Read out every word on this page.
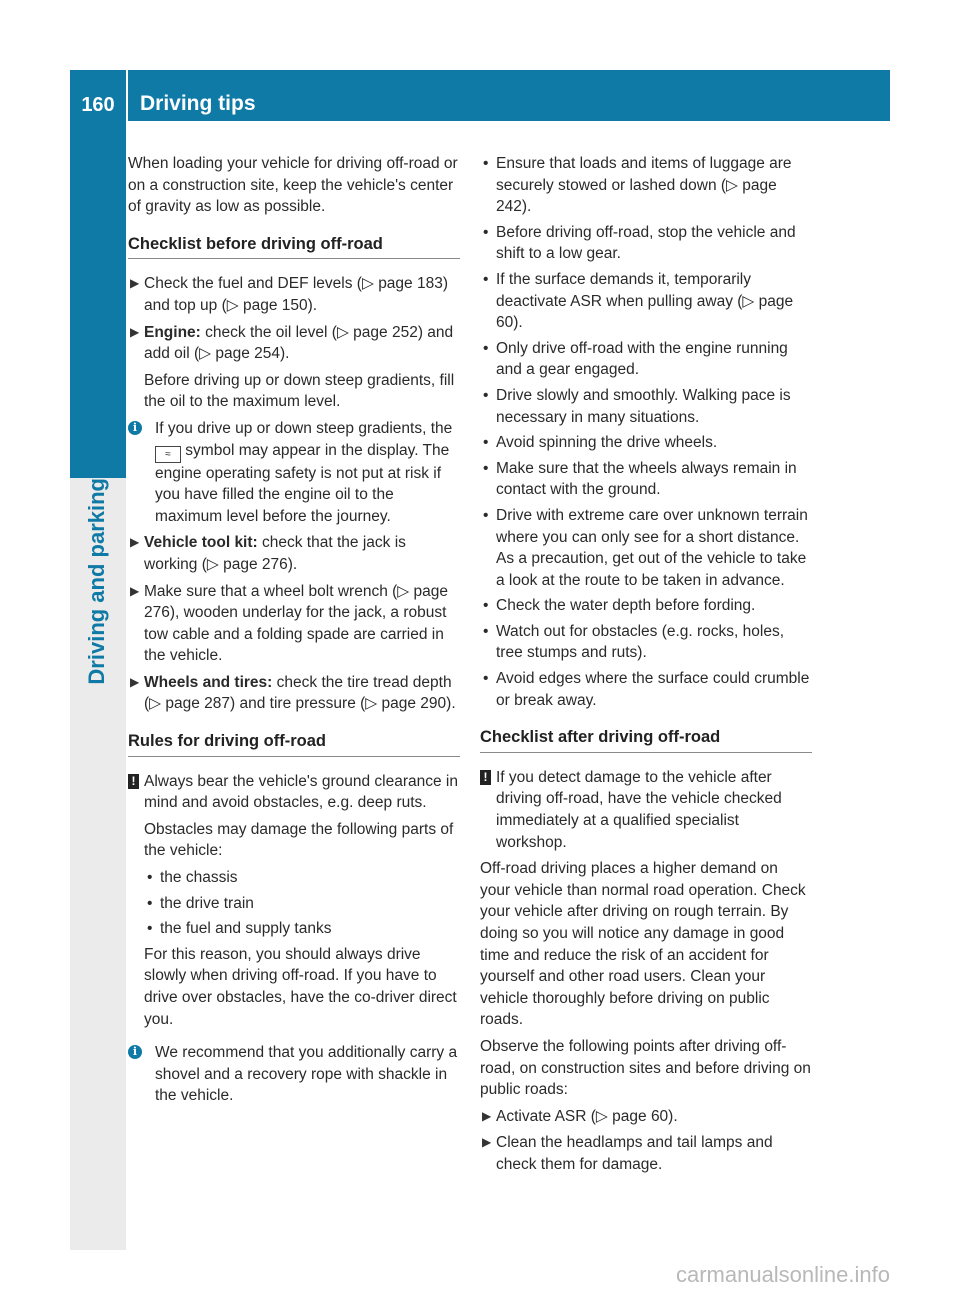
160	Driving tips
Driving and parking

When loading your vehicle for driving off-road or on a construction site, keep the vehicle's center of gravity as low as possible.

Checklist before driving off-road
▶ Check the fuel and DEF levels (▷ page 183) and top up (▷ page 150).
▶ Engine: check the oil level (▷ page 252) and add oil (▷ page 254).

Before driving up or down steep gradients, fill the oil to the maximum level.

i	If you drive up or down steep gradients, the ≈ symbol may appear in the display. The engine operating safety is not put at risk if you have filled the engine oil to the maximum level before the journey.
▶ Vehicle tool kit: check that the jack is working (▷ page 276).
▶ Make sure that a wheel bolt wrench (▷ page 276), wooden underlay for the jack, a robust tow cable and a folding spade are carried in the vehicle.
▶ Wheels and tires: check the tire tread depth (▷ page 287) and tire pressure (▷ page 290).
Rules for driving off-road
! Always bear the vehicle's ground clearance in mind and avoid obstacles, e.g. deep ruts.

Obstacles may damage the following parts of the vehicle:

• the chassis
• the drive train
• the fuel and supply tanks

For this reason, you should always drive slowly when driving off-road. If you have to drive over obstacles, have the co-driver direct you.

i	We recommend that you additionally carry a shovel and a recovery rope with shackle in the vehicle.
• Ensure that loads and items of luggage are securely stowed or lashed down (▷ page 242).
• Before driving off-road, stop the vehicle and shift to a low gear.
• If the surface demands it, temporarily deactivate ASR when pulling away (▷ page 60).
• Only drive off-road with the engine running and a gear engaged.
• Drive slowly and smoothly. Walking pace is necessary in many situations.
• Avoid spinning the drive wheels.
• Make sure that the wheels always remain in contact with the ground.
• Drive with extreme care over unknown terrain where you can only see for a short distance. As a precaution, get out of the vehicle to take a look at the route to be taken in advance.
• Check the water depth before fording.
• Watch out for obstacles (e.g. rocks, holes, tree stumps and ruts).
• Avoid edges where the surface could crumble or break away.
Checklist after driving off-road
! If you detect damage to the vehicle after driving off-road, have the vehicle checked immediately at a qualified specialist workshop.

Off-road driving places a higher demand on your vehicle than normal road operation. Check your vehicle after driving on rough terrain. By doing so you will notice any damage in good time and reduce the risk of an accident for yourself and other road users. Clean your vehicle thoroughly before driving on public roads.

Observe the following points after driving off-road, on construction sites and before driving on public roads:

▶ Activate ASR (▷ page 60).
▶ Clean the headlamps and tail lamps and check them for damage.
carmanualsonline.info
